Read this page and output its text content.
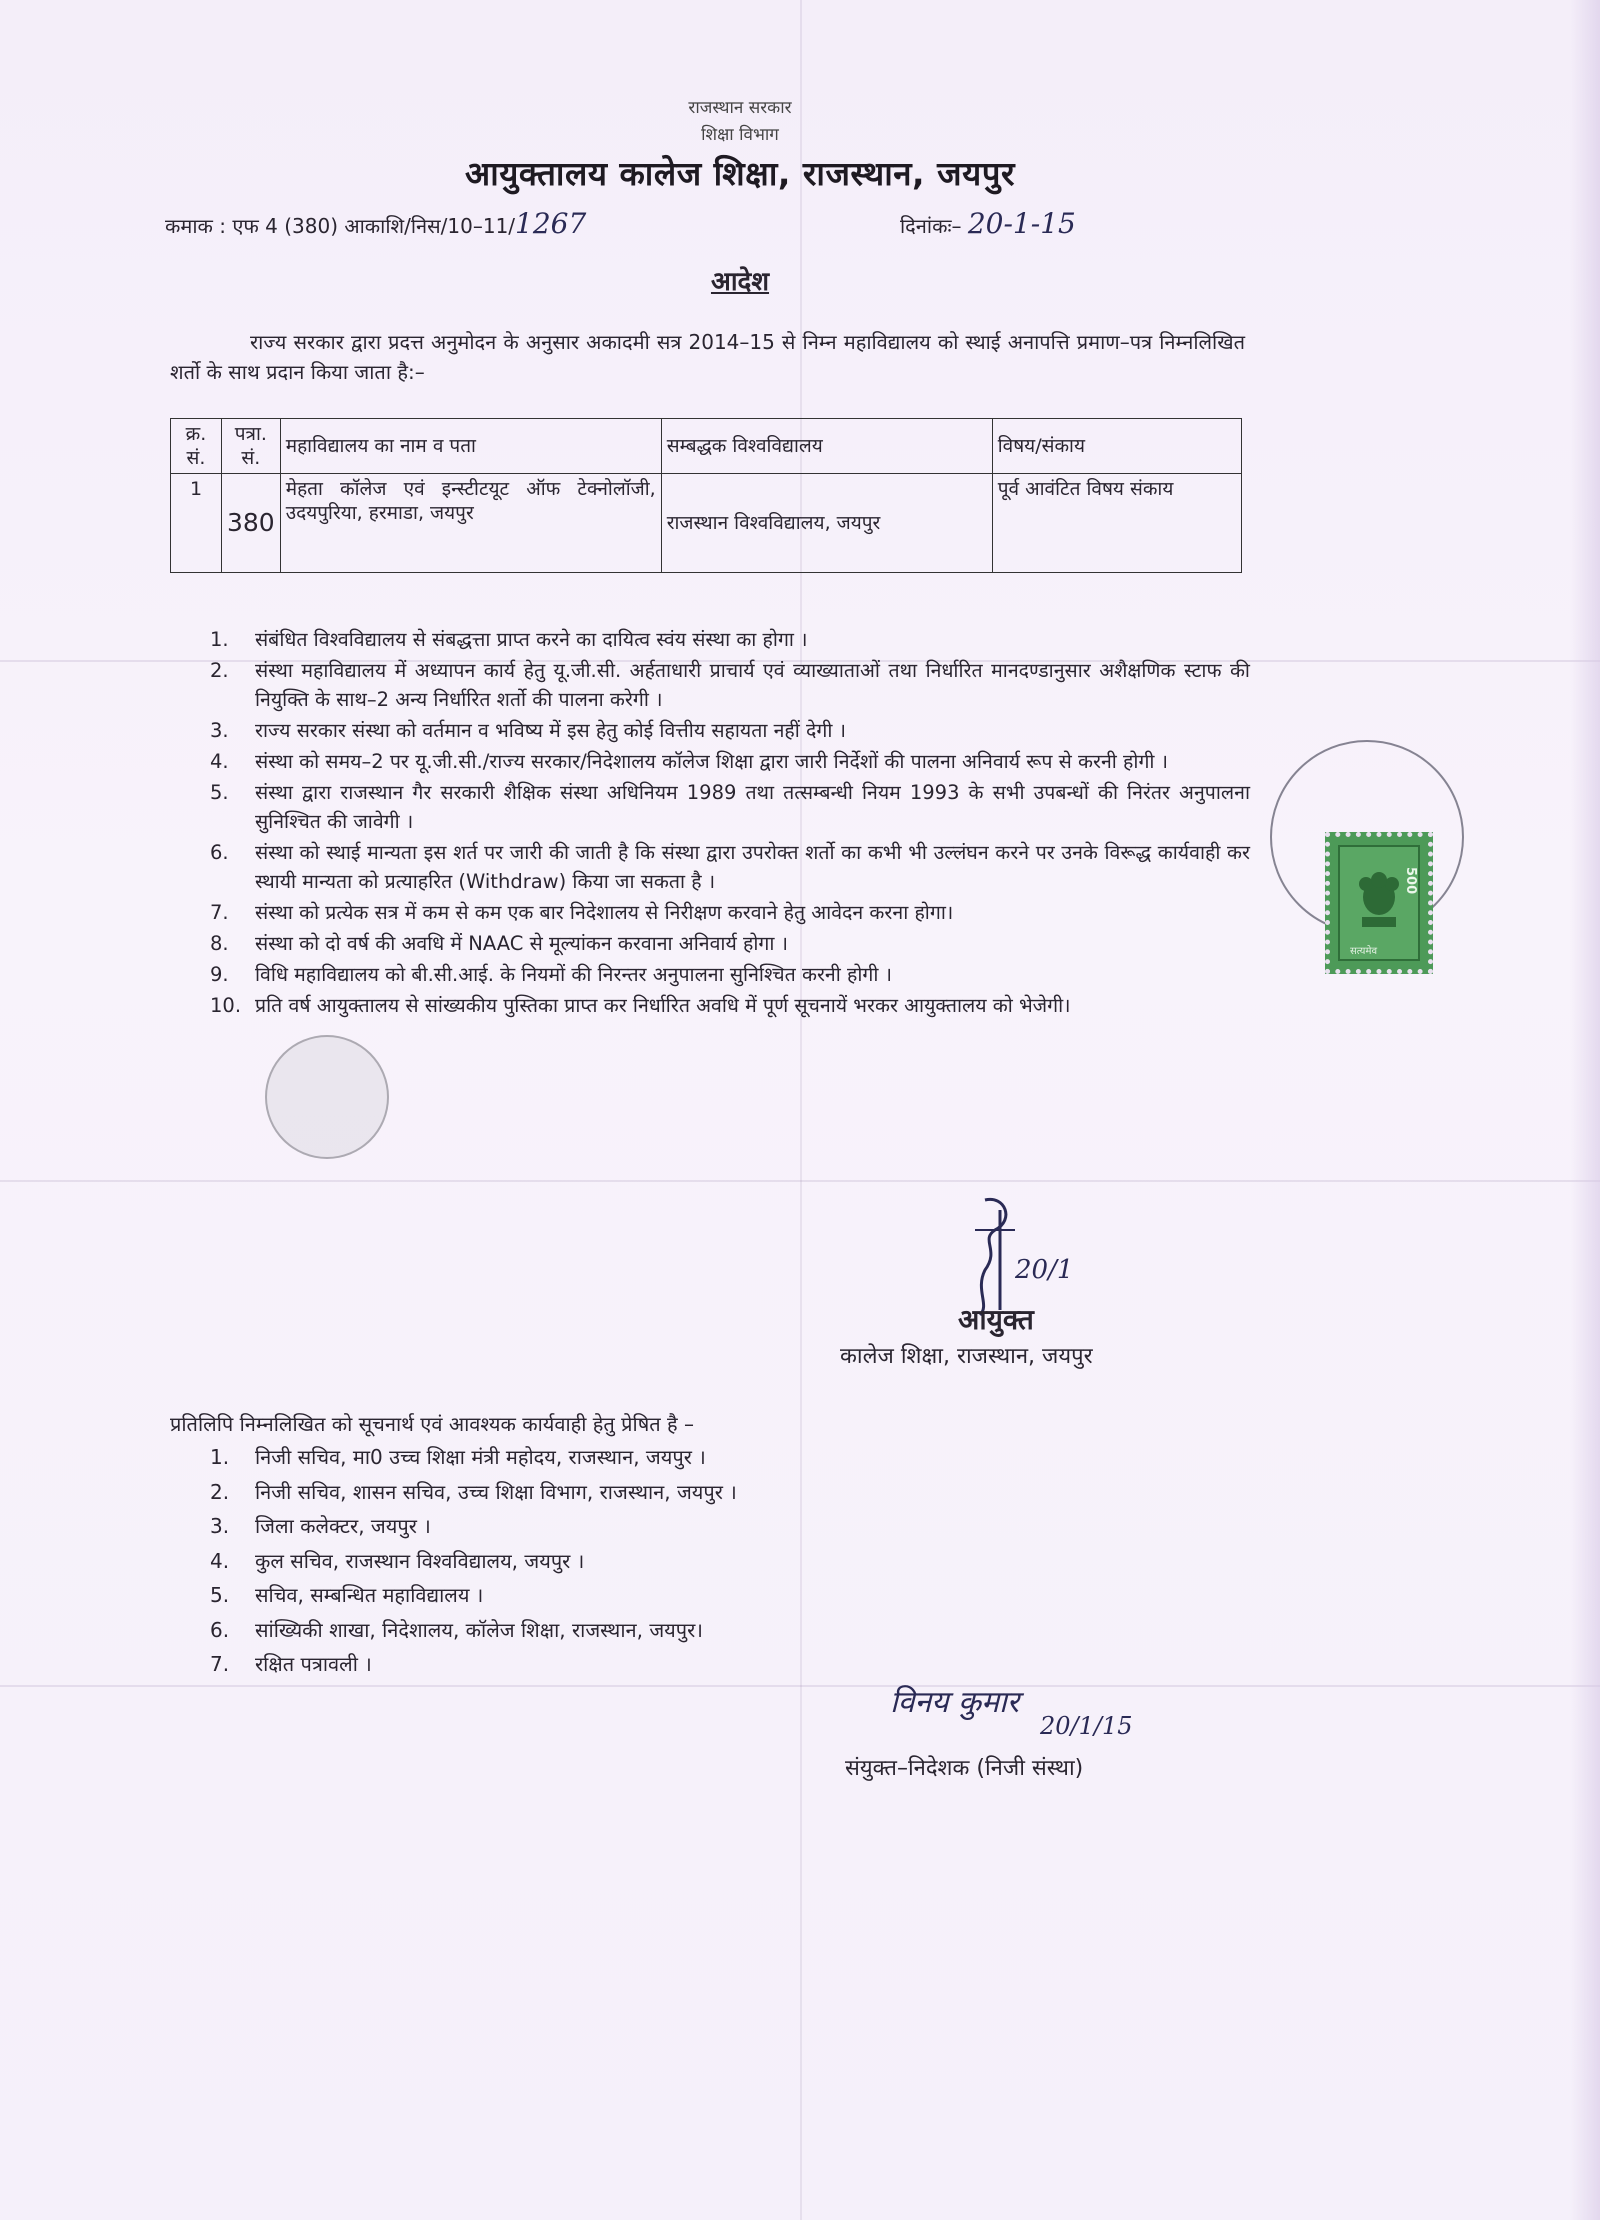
राजस्थान सरकार
शिक्षा विभाग
आयुक्तालय कालेज शिक्षा, राजस्थान, जयपुर
कमाक : एफ 4 (380) आकाशि/निस/10–11/1267	दिनांकः– 20-1-15
आदेश
राज्य सरकार द्वारा प्रदत्त अनुमोदन के अनुसार अकादमी सत्र 2014–15 से निम्न महाविद्यालय को स्थाई अनापत्ति प्रमाण–पत्र निम्नलिखित शर्तो के साथ प्रदान किया जाता है:–
क्र. सं.	पत्रा. सं.	महाविद्यालय का नाम व पता	सम्बद्धक विश्वविद्यालय	विषय/संकाय
1	380	मेहता कॉलेज एवं इन्स्टीटयूट ऑफ टेक्नोलॉजी, उदयपुरिया, हरमाडा, जयपुर	राजस्थान विश्वविद्यालय, जयपुर	पूर्व आवंटित विषय संकाय
1. संबंधित विश्वविद्यालय से संबद्धत्ता प्राप्त करने का दायित्व स्वंय संस्था का होगा ।
2. संस्था महाविद्यालय में अध्यापन कार्य हेतु यू.जी.सी. अर्हताधारी प्राचार्य एवं व्याख्याताओं तथा निर्धारित मानदण्डानुसार अशैक्षणिक स्टाफ की नियुक्ति के साथ–2 अन्य निर्धारित शर्तो की पालना करेगी ।
3. राज्य सरकार संस्था को वर्तमान व भविष्य में इस हेतु कोई वित्तीय सहायता नहीं देगी ।
4. संस्था को समय–2 पर यू.जी.सी./राज्य सरकार/निदेशालय कॉलेज शिक्षा द्वारा जारी निर्देशों की पालना अनिवार्य रूप से करनी होगी ।
5. संस्था द्वारा राजस्थान गैर सरकारी शैक्षिक संस्था अधिनियम 1989 तथा तत्सम्बन्धी नियम 1993 के सभी उपबन्धों की निरंतर अनुपालना सुनिश्चित की जावेगी ।
6. संस्था को स्थाई मान्यता इस शर्त पर जारी की जाती है कि संस्था द्वारा उपरोक्त शर्तो का कभी भी उल्लंघन करने पर उनके विरूद्ध कार्यवाही कर स्थायी मान्यता को प्रत्याहरित (Withdraw) किया जा सकता है ।
7. संस्था को प्रत्येक सत्र में कम से कम एक बार निदेशालय से निरीक्षण करवाने हेतु आवेदन करना होगा।
8. संस्था को दो वर्ष की अवधि में NAAC से मूल्यांकन करवाना अनिवार्य होगा ।
9. विधि महाविद्यालय को बी.सी.आई. के नियमों की निरन्तर अनुपालना सुनिश्चित करनी होगी ।
10. प्रति वर्ष आयुक्तालय से सांख्यकीय पुस्तिका प्राप्त कर निर्धारित अवधि में पूर्ण सूचनायें भरकर आयुक्तालय को भेजेगी।
500
सत्यमेव
20/1
आयुक्त
कालेज शिक्षा, राजस्थान, जयपुर
प्रतिलिपि निम्नलिखित को सूचनार्थ एवं आवश्यक कार्यवाही हेतु प्रेषित है –
1. निजी सचिव, मा0 उच्च शिक्षा मंत्री महोदय, राजस्थान, जयपुर ।
2. निजी सचिव, शासन सचिव, उच्च शिक्षा विभाग, राजस्थान, जयपुर ।
3. जिला कलेक्टर, जयपुर ।
4. कुल सचिव, राजस्थान विश्वविद्यालय, जयपुर ।
5. सचिव, सम्बन्धित महाविद्यालय ।
6. सांख्यिकी शाखा, निदेशालय, कॉलेज शिक्षा, राजस्थान, जयपुर।
7. रक्षित पत्रावली ।
विनय कुमार
20/1/15
संयुक्त–निदेशक (निजी संस्था)
